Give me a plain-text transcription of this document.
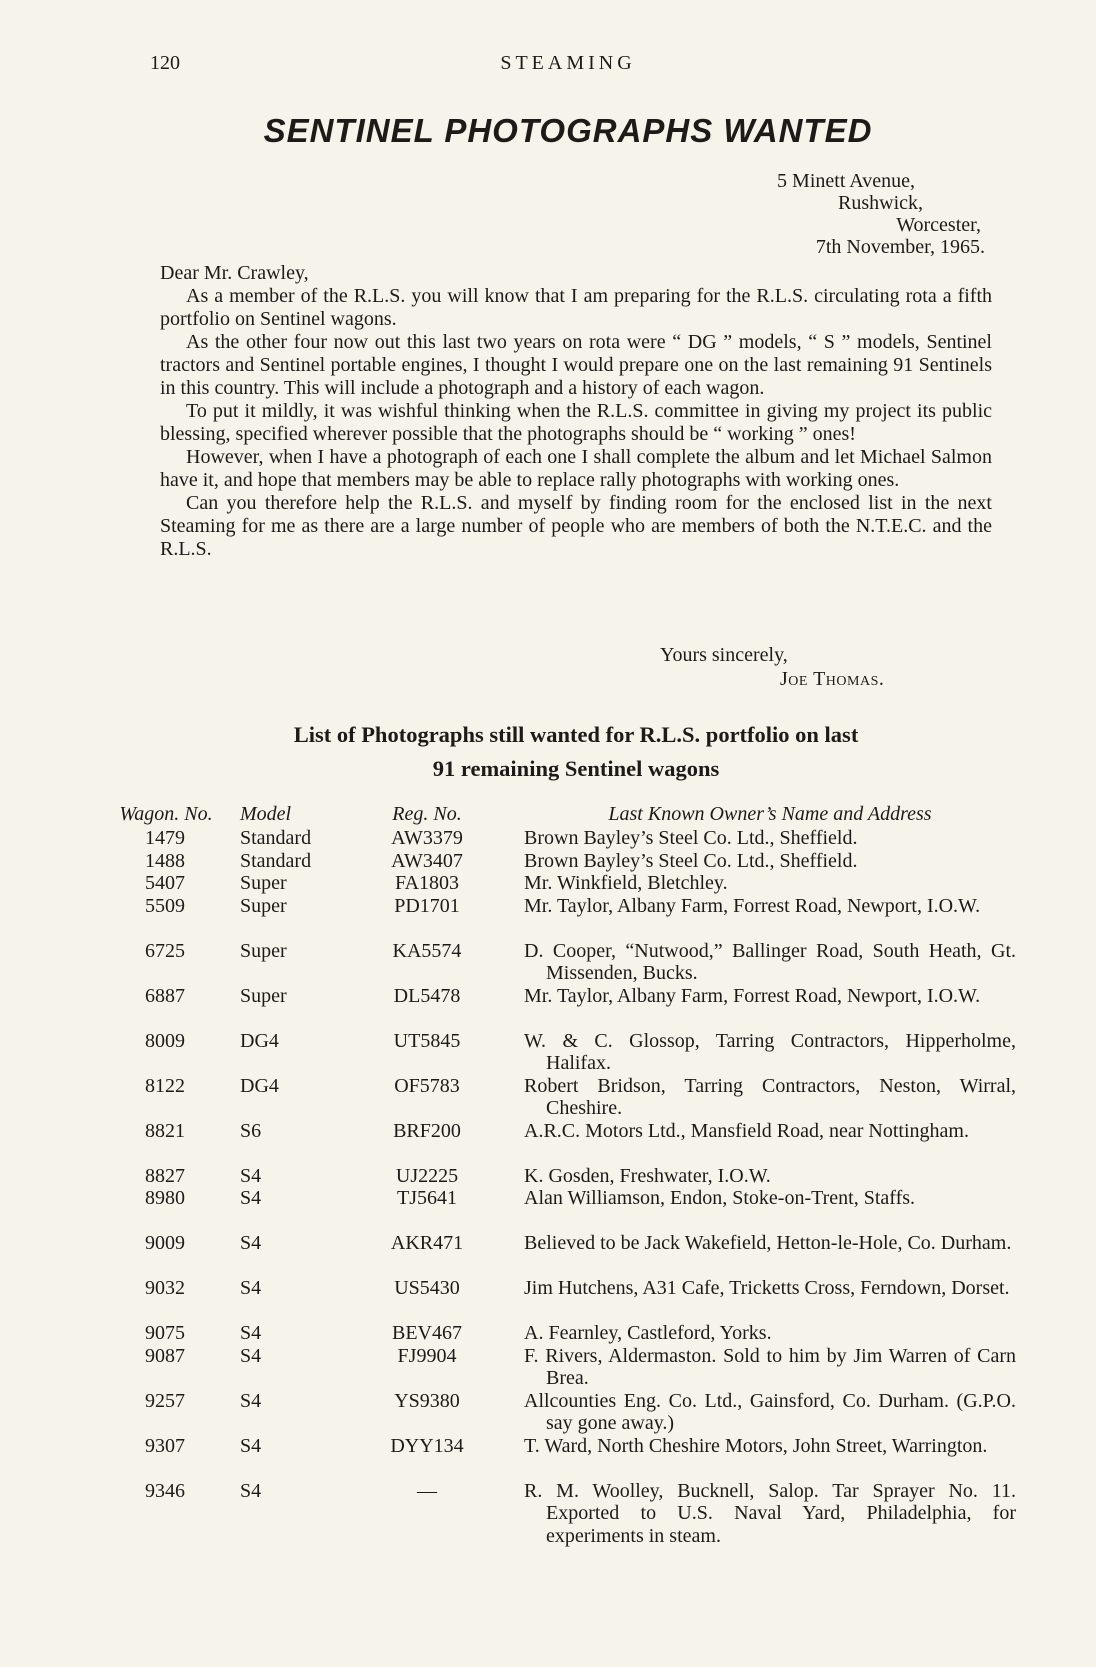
120	STEAMING
SENTINEL PHOTOGRAPHS WANTED
5 Minett Avenue,
Rushwick,
Worcester,
7th November, 1965.

Dear Mr. Crawley,

As a member of the R.L.S. you will know that I am preparing for the R.L.S. circulating rota a fifth portfolio on Sentinel wagons.

As the other four now out this last two years on rota were “ DG ” models, “ S ” models, Sentinel tractors and Sentinel portable engines, I thought I would prepare one on the last remaining 91 Sentinels in this country. This will include a photograph and a history of each wagon.

To put it mildly, it was wishful thinking when the R.L.S. committee in giving my project its public blessing, specified wherever possible that the photographs should be “ working ” ones!

However, when I have a photograph of each one I shall complete the album and let Michael Salmon have it, and hope that members may be able to replace rally photographs with working ones.

Can you therefore help the R.L.S. and myself by finding room for the enclosed list in the next Steaming for me as there are a large number of people who are members of both the N.T.E.C. and the R.L.S.

Yours sincerely,
Joe Thomas.
List of Photographs still wanted for R.L.S. portfolio on last
91 remaining Sentinel wagons
Wagon. No. Model	Reg. No.	Last Known Owner’s Name and Address
1479	Standard	AW3379	Brown Bayley’s Steel Co. Ltd., Sheffield.
1488	Standard	AW3407	Brown Bayley’s Steel Co. Ltd., Sheffield.
5407	Super	FA1803	Mr. Winkfield, Bletchley.
5509	Super	PD1701	Mr. Taylor, Albany Farm, Forrest Road, Newport, I.O.W.
6725	Super	KA5574	D. Cooper, “Nutwood,” Ballinger Road, South Heath, Gt. Missenden, Bucks.
6887	Super	DL5478	Mr. Taylor, Albany Farm, Forrest Road, Newport, I.O.W.
8009	DG4	UT5845	W. & C. Glossop, Tarring Contractors, Hipperholme, Halifax.
8122	DG4	OF5783	Robert Bridson, Tarring Contractors, Neston, Wirral, Cheshire.
8821	S6	BRF200	A.R.C. Motors Ltd., Mansfield Road, near Nottingham.
8827	S4	UJ2225	K. Gosden, Freshwater, I.O.W.
8980	S4	TJ5641	Alan Williamson, Endon, Stoke-on-Trent, Staffs.
9009	S4	AKR471	Believed to be Jack Wakefield, Hetton-le-Hole, Co. Durham.
9032	S4	US5430	Jim Hutchens, A31 Cafe, Tricketts Cross, Ferndown, Dorset.
9075	S4	BEV467	A. Fearnley, Castleford, Yorks.
9087	S4	FJ9904	F. Rivers, Aldermaston. Sold to him by Jim Warren of Carn Brea.
9257	S4	YS9380	Allcounties Eng. Co. Ltd., Gainsford, Co. Durham. (G.P.O. say gone away.)
9307	S4	DYY134	T. Ward, North Cheshire Motors, John Street, Warrington.
9346	S4	—	R. M. Woolley, Bucknell, Salop. Tar Sprayer No. 11. Exported to U.S. Naval Yard, Philadelphia, for experiments in steam.
